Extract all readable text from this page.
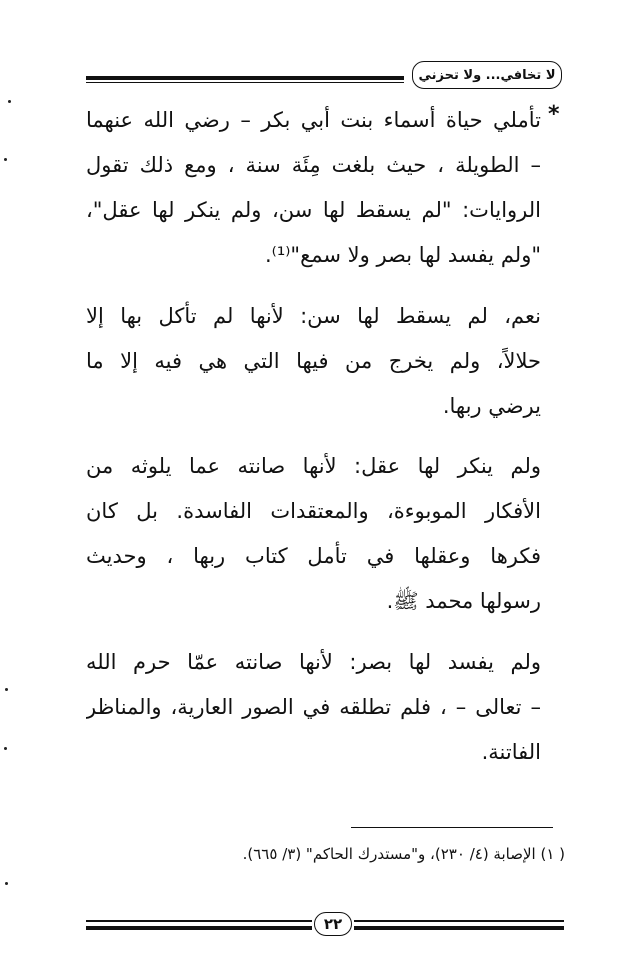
لا تخافي... ولا تحزني
*
تأملي حياة أسماء بنت أبي بكر – رضي الله عنهما
– الطويلة ، حيث بلغت مِئَة سنة ، ومع ذلك تقول
الروايات: "لم يسقط لها سن، ولم ينكر لها عقل"،
"ولم يفسد لها بصر ولا سمع"⁽¹⁾.
نعم، لم يسقط لها سن: لأنها لم تأكل بها إلا
حلالاً، ولم يخرج من فيها التي هي فيه إلا ما
يرضي ربها.
ولم ينكر لها عقل: لأنها صانته عما يلوثه من
الأفكار الموبوءة، والمعتقدات الفاسدة. بل كان
فكرها وعقلها في تأمل كتاب ربها ، وحديث
رسولها محمد ﷺ.
ولم يفسد لها بصر: لأنها صانته عمّا حرم الله
– تعالى – ، فلم تطلقه في الصور العارية، والمناظر
الفاتنة.
( ١) الإصابة (٤/ ٢٣٠)، و"مستدرك الحاكم" (٣/ ٦٦٥).
٢٢
